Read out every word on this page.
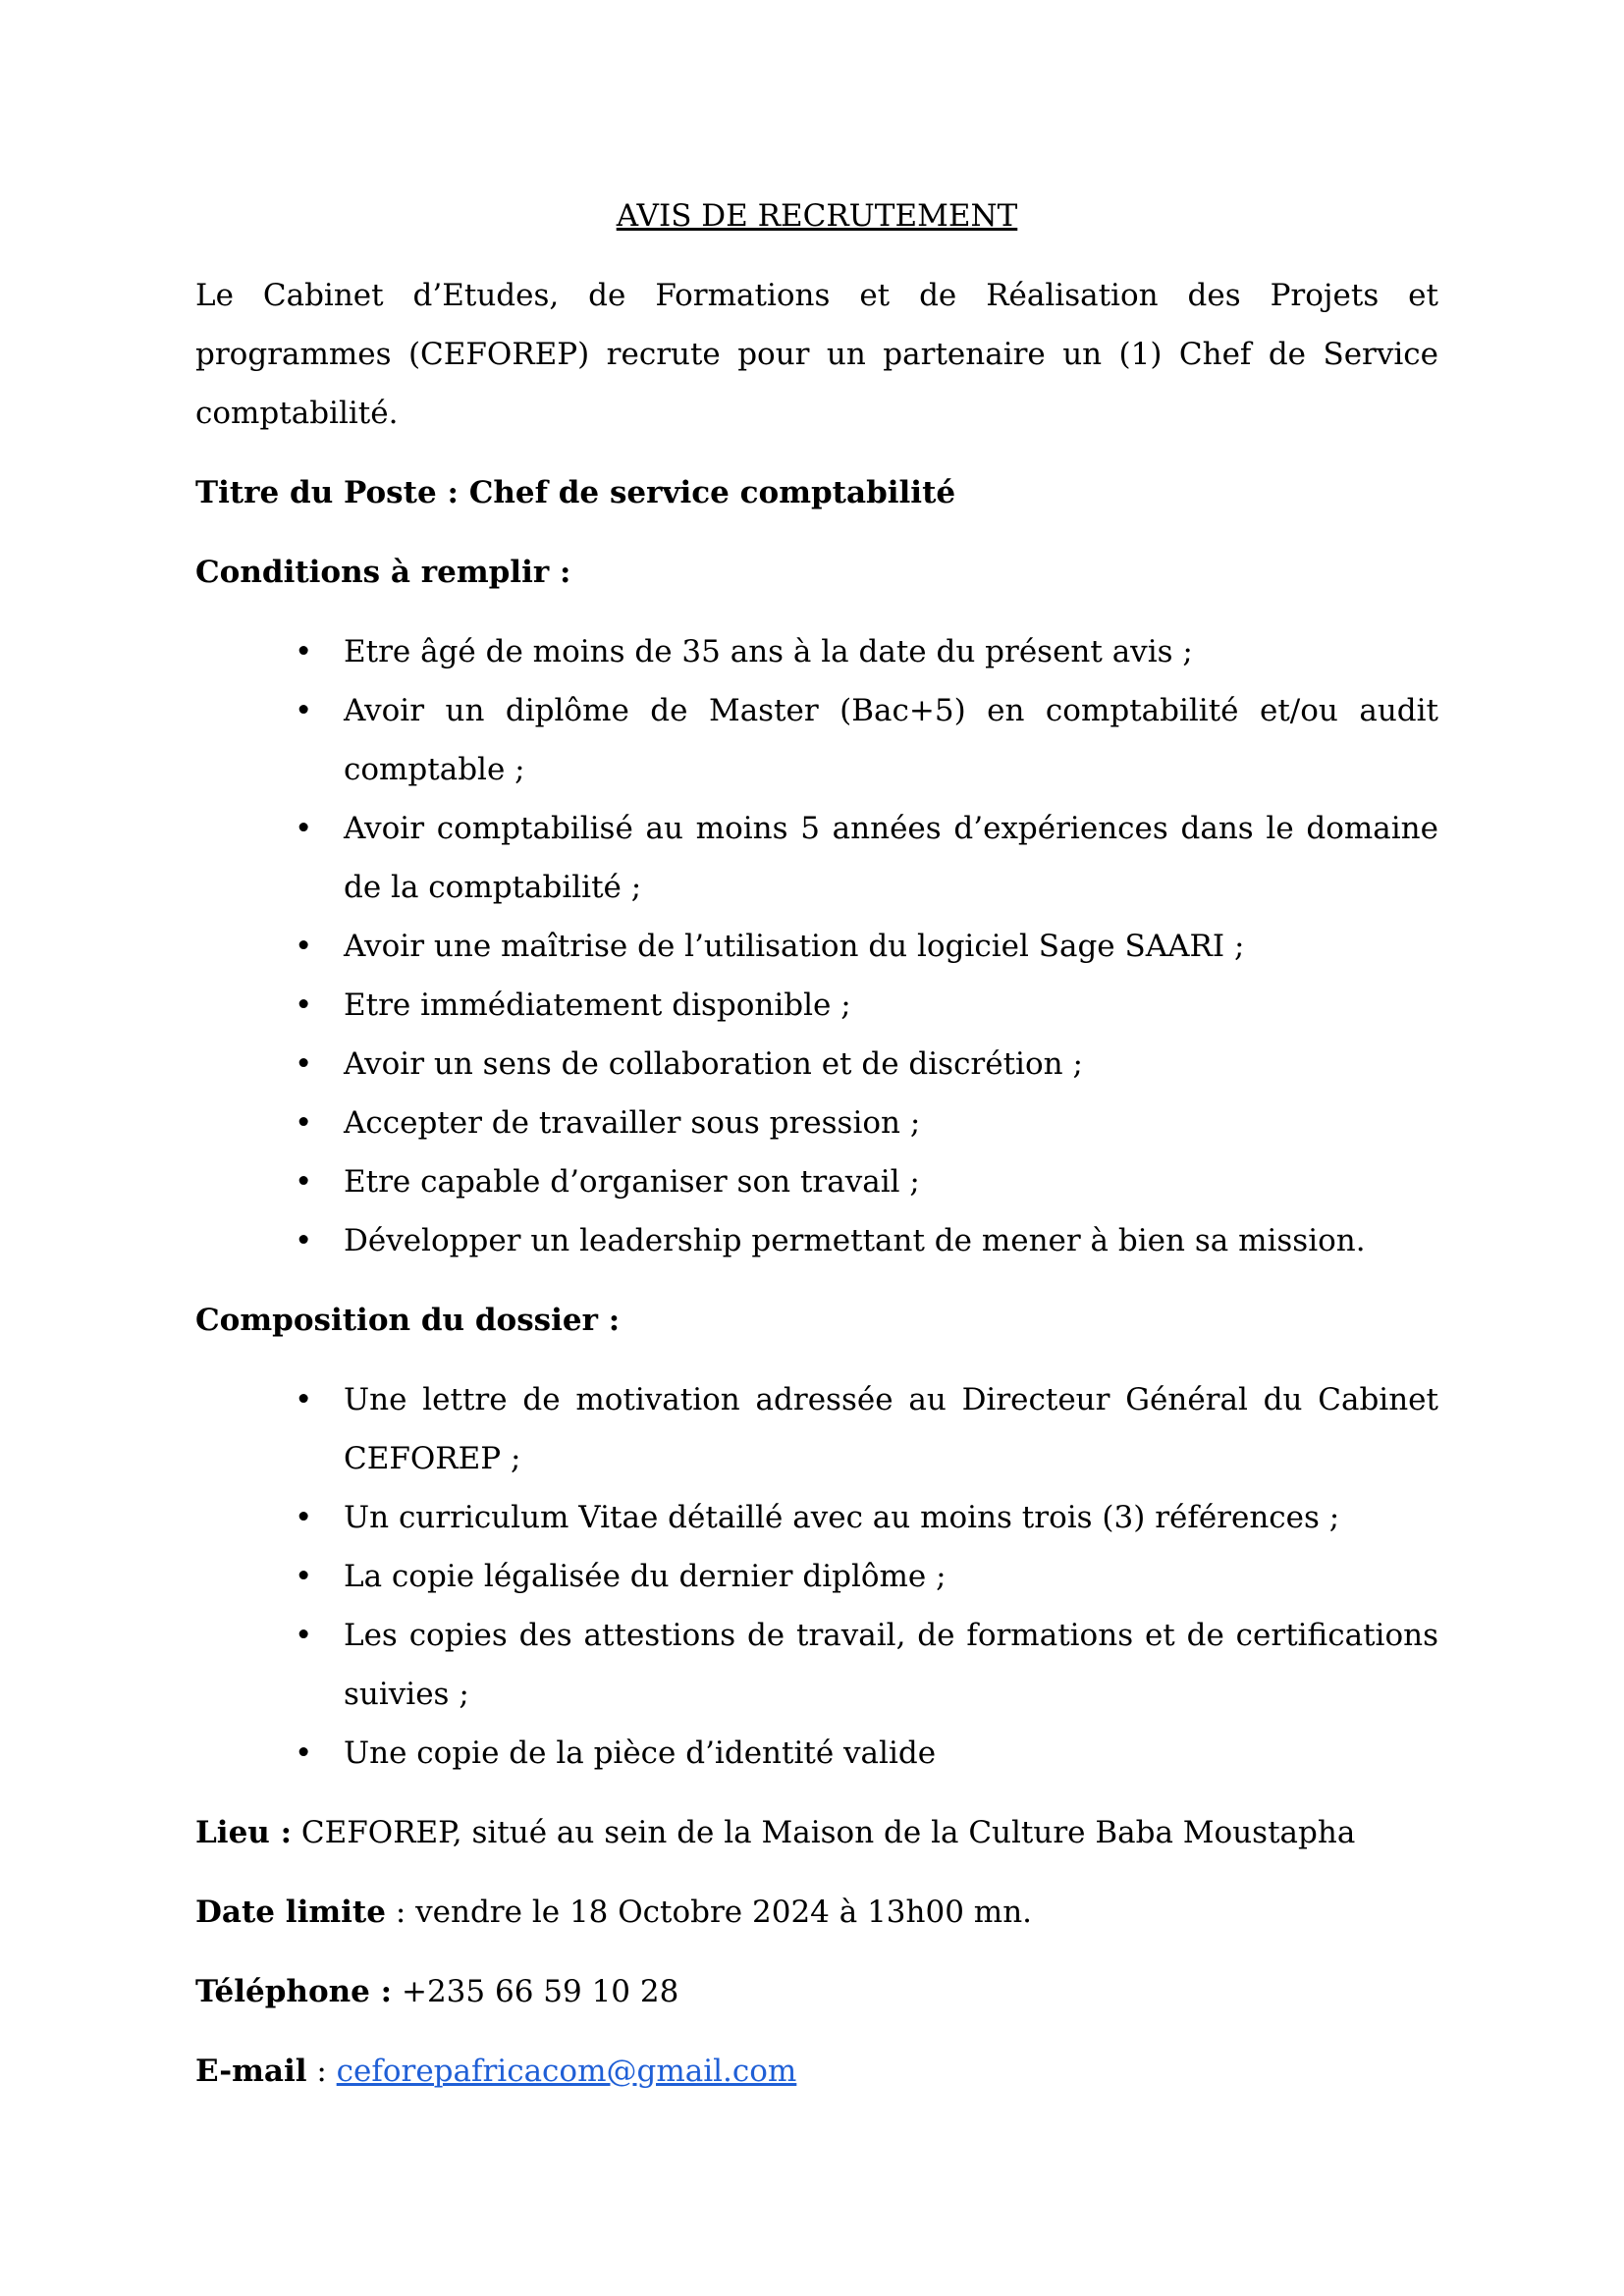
AVIS DE RECRUTEMENT

Le Cabinet d’Etudes, de Formations et de Réalisation des Projets et programmes (CEFOREP) recrute pour un partenaire un (1) Chef de Service comptabilité.

Titre du Poste : Chef de service comptabilité

Conditions à remplir :

• Etre âgé de moins de 35 ans à la date du présent avis ;
• Avoir un diplôme de Master (Bac+5) en comptabilité et/ou audit comptable ;
• Avoir comptabilisé au moins 5 années d’expériences dans le domaine de la comptabilité ;
• Avoir une maîtrise de l’utilisation du logiciel Sage SAARI ;
• Etre immédiatement disponible ;
• Avoir un sens de collaboration et de discrétion ;
• Accepter de travailler sous pression ;
• Etre capable d’organiser son travail ;
• Développer un leadership permettant de mener à bien sa mission.

Composition du dossier :

• Une lettre de motivation adressée au Directeur Général du Cabinet CEFOREP ;
• Un curriculum Vitae détaillé avec au moins trois (3) références ;
• La copie légalisée du dernier diplôme ;
• Les copies des attestions de travail, de formations et de certifications suivies ;
• Une copie de la pièce d’identité valide

Lieu : CEFOREP, situé au sein de la Maison de la Culture Baba Moustapha

Date limite : vendre le 18 Octobre 2024 à 13h00 mn.

Téléphone : +235 66 59 10 28

E-mail : ceforepafricacom@gmail.com
